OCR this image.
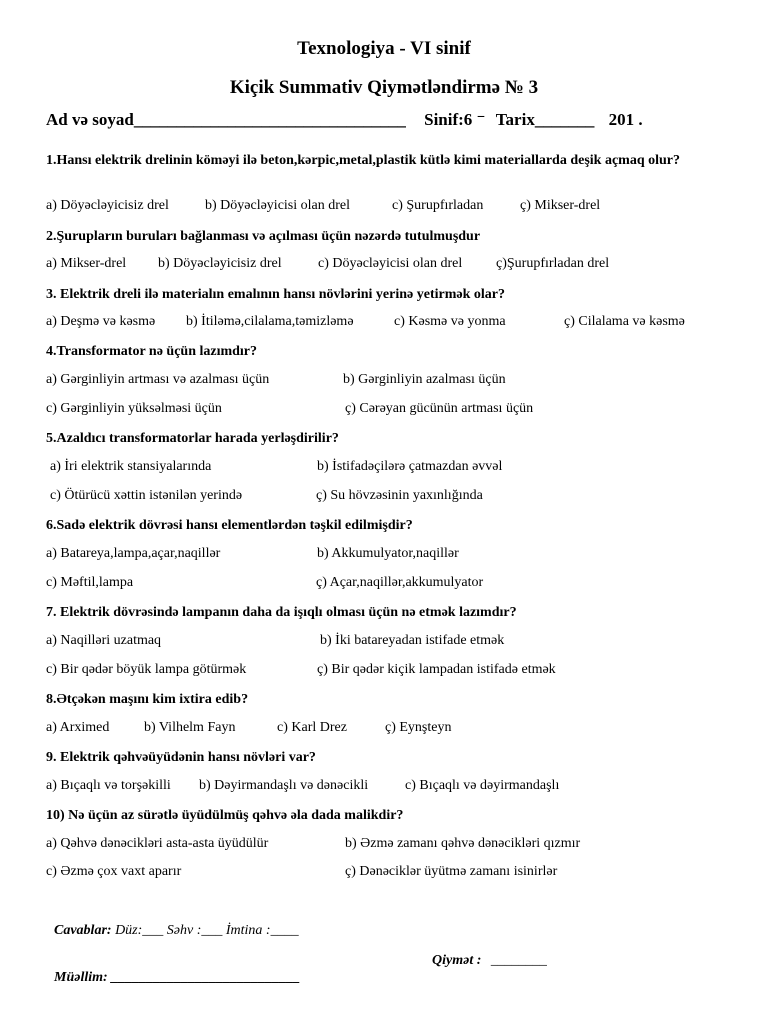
Texnologiya - VI sinif
Kiçik Summativ Qiymətləndirmə № 3
Ad və soyad________________________________ Sinif:6 ⁻ Tarix_______ 201 .
1.Hansı elektrik drelinin köməyi ilə beton,kərpic,metal,plastik kütlə kimi materiallarda deşik açmaq olur?
a) Döyəcləyicisiz drel	b) Döyəcləyicisi olan drel	c) Şurupfırladan	ç) Mikser-drel
2.Şurupların buruları bağlanması və açılması üçün nəzərdə tutulmuşdur
a) Mikser-drel b) Döyəcləyicisiz drel	c) Döyəcləyicisi olan drel ç)Şurupfırladan drel
3. Elektrik dreli ilə materialın emalının hansı növlərini yerinə yetirmək olar?
a) Deşmə və kəsmə b) İtiləmə,cilalama,təmizləmə	c) Kəsmə və yonma	ç) Cilalama və kəsmə
4.Transformator nə üçün lazımdır?
a) Gərginliyin artması və azalması üçün	b) Gərginliyin azalması üçün
c) Gərginliyin yüksəlməsi üçün	ç) Cərəyan gücünün artması üçün
5.Azaldıcı transformatorlar harada yerləşdirilir?
a) İri elektrik stansiyalarında	b) İstifadəçilərə çatmazdan əvvəl
c) Ötürücü xəttin istənilən yerində	ç) Su hövzəsinin yaxınlığında
6.Sadə elektrik dövrəsi hansı elementlərdən təşkil edilmişdir?
a) Batareya,lampa,açar,naqillər	b) Akkumulyator,naqillər
c) Məftil,lampa	ç) Açar,naqillər,akkumulyator
7. Elektrik dövrəsində lampanın daha da işıqlı olması üçün nə etmək lazımdır?
a) Naqilləri uzatmaq	b) İki batareyadan istifade etmək
c) Bir qədər böyük lampa götürmək	ç) Bir qədər kiçik lampadan istifadə etmək
8.Ətçəkən maşını kim ixtira edib?
a) Arximed b) Vilhelm Fayn	c) Karl Drez	ç) Eynşteyn
9. Elektrik qəhvəüyüdənin hansı növləri var?
a) Bıçaqlı və torşəkilli b) Dəyirmandaşlı və dənəcikli	c) Bıçaqlı və dəyirmandaşlı
10) Nə üçün az sürətlə üyüdülmüş qəhvə əla dada malikdir?
a) Qəhvə dənəcikləri asta-asta üyüdülür	b) Əzmə zamanı qəhvə dənəcikləri qızmır
c) Əzmə çox vaxt aparır	ç) Dənəciklər üyütmə zamanı isinirlər
Cavablar: Düz:___ Səhv :___ İmtina :____
Qiymət : ________
Müəllim: ___________________________
